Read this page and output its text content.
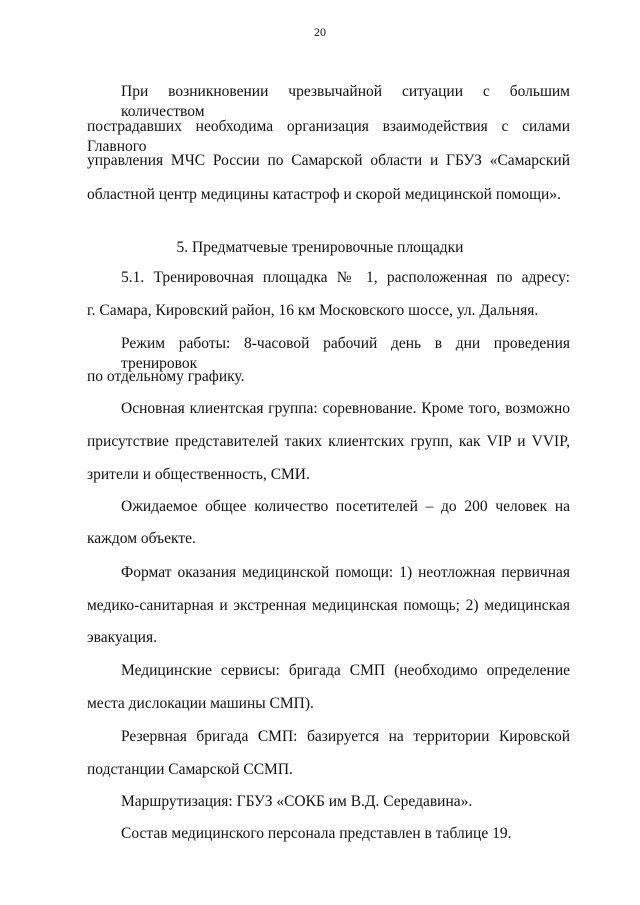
20
При возникновении чрезвычайной ситуации с большим количеством
пострадавших необходима организация взаимодействия с силами Главного
управления МЧС России по Самарской области и ГБУЗ «Самарский
областной центр медицины катастроф и скорой медицинской помощи».
5. Предматчевые тренировочные площадки
5.1. Тренировочная площадка № 1, расположенная по адресу:
г. Самара, Кировский район, 16 км Московского шоссе, ул. Дальняя.
Режим работы: 8-часовой рабочий день в дни проведения тренировок
по отдельному графику.
Основная клиентская группа: соревнование. Кроме того, возможно
присутствие представителей таких клиентских групп, как VIP и VVIP,
зрители и общественность, СМИ.
Ожидаемое общее количество посетителей – до 200 человек на
каждом объекте.
Формат оказания медицинской помощи: 1) неотложная первичная
медико-санитарная и экстренная медицинская помощь; 2) медицинская
эвакуация.
Медицинские сервисы: бригада СМП (необходимо определение
места дислокации машины СМП).
Резервная бригада СМП: базируется на территории Кировской
подстанции Самарской ССМП.
Маршрутизация: ГБУЗ «СОКБ им В.Д. Середавина».
Состав медицинского персонала представлен в таблице 19.
